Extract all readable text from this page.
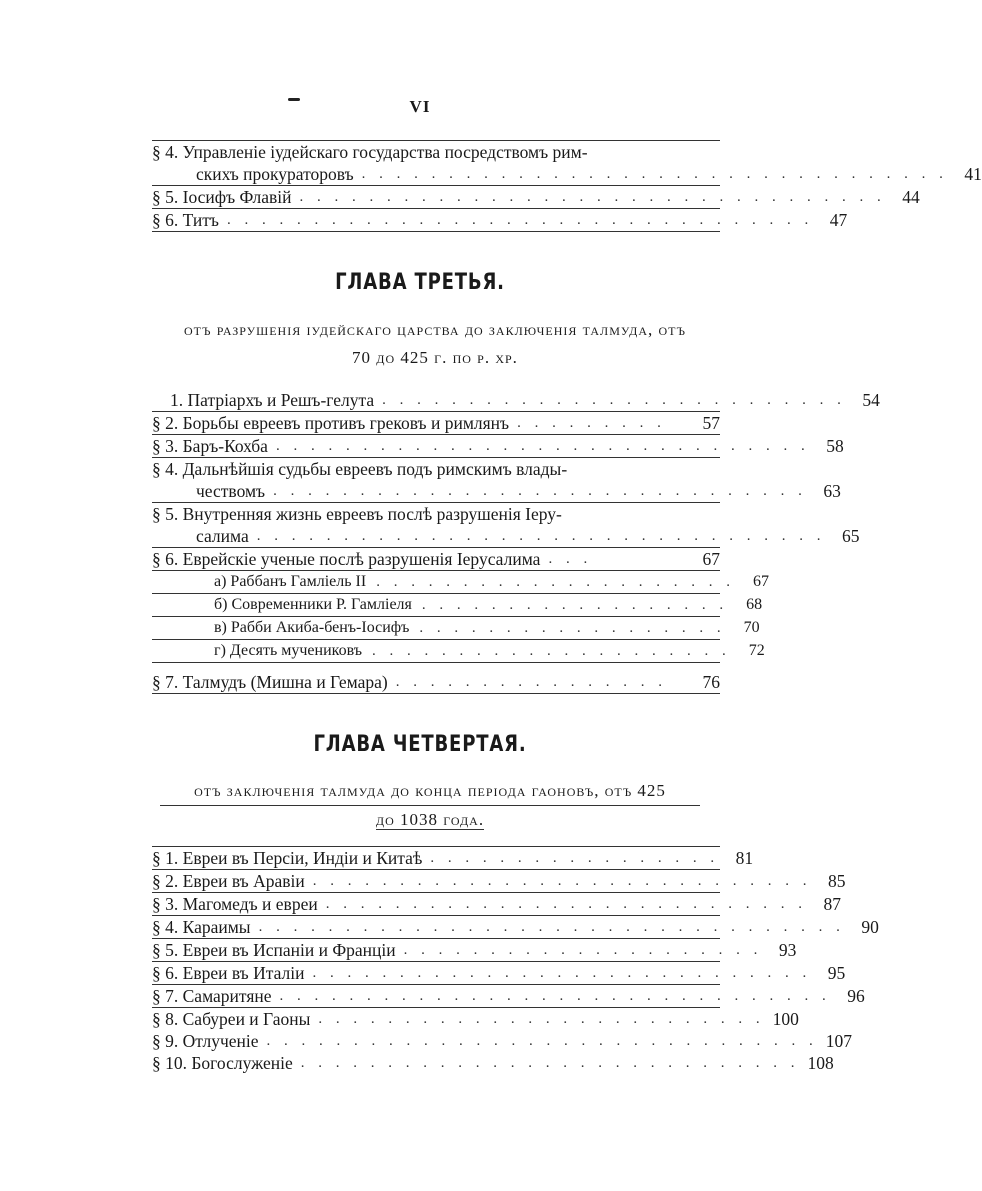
VI
§ 4. Управленіе іудейскаго государства посредствомъ рим-
скихъ прокураторовъ . . . . . . . . . . . . . . . . . . . . . . . . . . . . . . . . . . 41
§ 5. Іосифъ Флавій . . . . . . . . . . . . . . . . . . . . . . . . . . . . . . . . . . 44
§ 6. Титъ . . . . . . . . . . . . . . . . . . . . . . . . . . . . . . . . . . 47
ГЛАВА ТРЕТЬЯ.
отъ разрушенія іудейскаго царства до заключенія талмуда, отъ
70 до 425 г. по р. хр.
1. Патріархъ и Решъ-гелута . . . . . . . . . . . . . . . . . . . . . . . . . . . 54
§ 2. Борьбы евреевъ противъ грековъ и римлянъ . . . . . . . . .	57
§ 3. Баръ-Кохба . . . . . . . . . . . . . . . . . . . . . . . . . . . . . . . 58
§ 4. Дальнѣйшія судьбы евреевъ подъ римскимъ влады-
чествомъ . . . . . . . . . . . . . . . . . . . . . . . . . . . . . . . 63
§ 5. Внутренняя жизнь евреевъ послѣ разрушенія Іеру-
салима . . . . . . . . . . . . . . . . . . . . . . . . . . . . . . . . . 65
§ 6. Еврейскіе ученые послѣ разрушенія Іерусалима . . .	67
а) Раббанъ Гамліель II . . . . . . . . . . . . . . . . . . . . .	67
б) Современники Р. Гамліеля . . . . . . . . . . . . . . . . . .	68
в) Рабби Акиба-бенъ-Іосифъ . . . . . . . . . . . . . . . . . .	70
г) Десять мучениковъ . . . . . . . . . . . . . . . . . . . . .	72
§ 7. Талмудъ (Мишна и Гемара) . . . . . . . . . . . . . . . .	76
ГЛАВА ЧЕТВЕРТАЯ.
отъ заключенія талмуда до конца періода гаоновъ, отъ 425
до 1038 года.
§ 1. Евреи въ Персіи, Индіи и Китаѣ . . . . . . . . . . . . . . . . . 81
§ 2. Евреи въ Аравіи . . . . . . . . . . . . . . . . . . . . . . . . . . . . . 85
§ 3. Магомедъ и евреи . . . . . . . . . . . . . . . . . . . . . . . . . . . . 87
§ 4. Караимы . . . . . . . . . . . . . . . . . . . . . . . . . . . . . . . . . . 90
§ 5. Евреи въ Испаніи и Франціи . . . . . . . . . . . . . . . . . . . . . 93
§ 6. Евреи въ Италіи . . . . . . . . . . . . . . . . . . . . . . . . . . . . . 95
§ 7. Самаритяне . . . . . . . . . . . . . . . . . . . . . . . . . . . . . . . . 96
§ 8. Сабуреи и Гаоны . . . . . . . . . . . . . . . . . . . . . . . . . . 100
§ 9. Отлученіе . . . . . . . . . . . . . . . . . . . . . . . . . . . . . . . . 107
§ 10. Богослуженіе . . . . . . . . . . . . . . . . . . . . . . . . . . . . . 108
